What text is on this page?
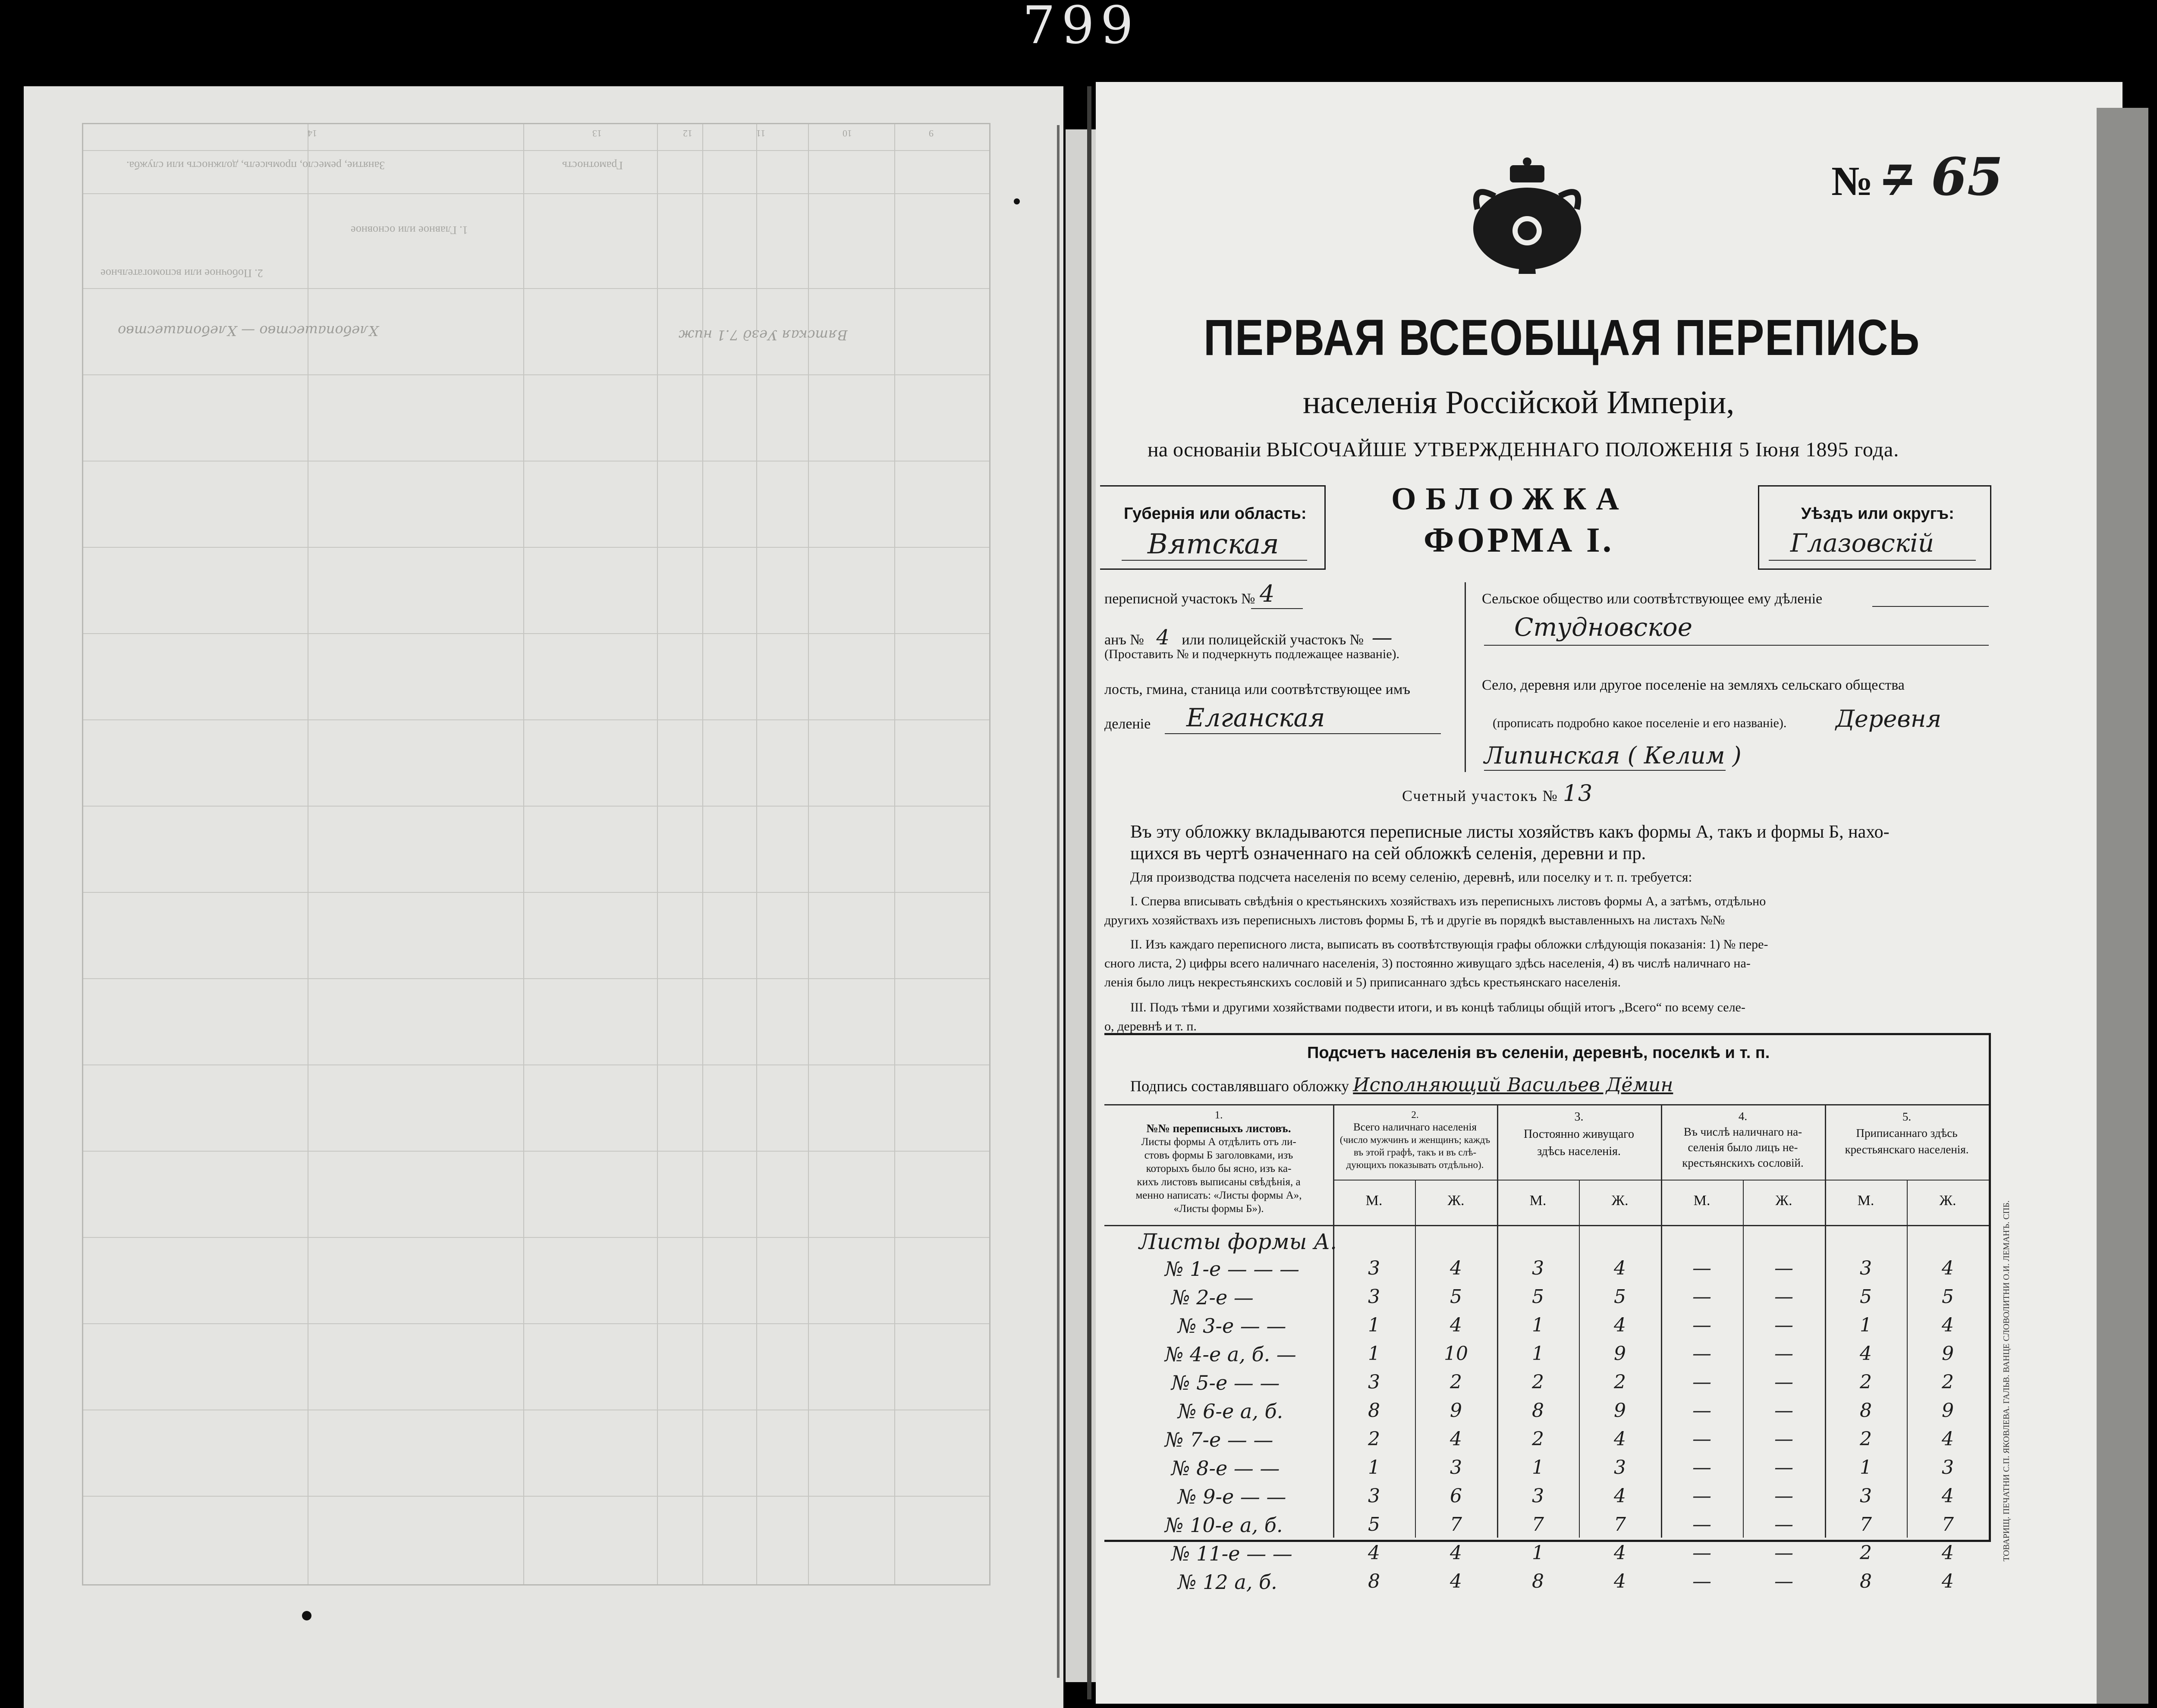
799
14	13	12	11	10	9
Занятие, ремесло, промыселъ, должность или служба.	Грамотность
1. Главное или основное
2. Побочное или вспомогательное
Хлебопашество — Хлебопашество	Вятская Уезд 7.1 ниж
№ 7 65
ПЕРВАЯ ВСЕОБЩАЯ ПЕРЕПИСЬ
населенія Россійской Имперіи,
на основаніи ВЫСОЧАЙШЕ УТВЕРЖДЕННАГО ПОЛОЖЕНІЯ 5 Іюня 1895 года.
Губернія или область:
Вятская
ОБЛОЖКА
ФОРМА I.
Уѣздъ или округъ:
Глазовскій
переписной участокъ № 4
анъ № 4 или полицейскій участокъ № —
(Проставить № и подчеркнуть подлежащее названіе).
лость, гмина, станица или соотвѣтствующее имъ
деленіе Елганская
Сельское общество или соотвѣтствующее ему дѣленіе
Студновское
Село, деревня или другое поселеніе на земляхъ сельскаго общества
(прописать подробно какое поселеніе и его названіе). Деревня
Липинская ( Келим )
Счетный участокъ № 13
Въ эту обложку вкладываются переписные листы хозяйствъ какъ формы А, такъ и формы Б, нахо-
щихся въ чертѣ означеннаго на сей обложкѣ селенія, деревни и пр.
Для производства подсчета населенія по всему селенію, деревнѣ, или поселку и т. п. требуется:
I. Сперва вписывать свѣдѣнія о крестьянскихъ хозяйствахъ изъ переписныхъ листовъ формы А, а затѣмъ, отдѣльно
другихъ хозяйствахъ изъ переписныхъ листовъ формы Б, тѣ и другіе въ порядкѣ выставленныхъ на листахъ №№
II. Изъ каждаго переписного листа, выписать въ соотвѣтствующія графы обложки слѣдующія показанія: 1) № пере-
сного листа, 2) цифры всего наличнаго населенія, 3) постоянно живущаго здѣсь населенія, 4) въ числѣ наличнаго на-
ленія было лицъ некрестьянскихъ сословій и 5) приписаннаго здѣсь крестьянскаго населенія.
III. Подъ тѣми и другими хозяйствами подвести итоги, и въ концѣ таблицы общій итогъ „Всего“ по всему селе-
о, деревнѣ и т. п.
Подсчетъ населенія въ селеніи, деревнѣ, поселкѣ и т. п.
Подпись составлявшаго обложку Исполняющий Васильев Дёмин
1.
№№ переписныхъ листовъ.
Листы формы А отдѣлить отъ ли-
стовъ формы Б заголовками, изъ
которыхъ было бы ясно, изъ ка-
кихъ листовъ выписаны свѣдѣнія, а
менно написать: «Листы формы А»,
«Листы формы Б»).
2.
Всего наличнаго населенія
(число мужчинъ и женщинъ; каждъ
въ этой графѣ, такъ и въ слѣ-
дующихъ показывать отдѣльно).
3.
Постоянно живущаго
здѣсь населенія.
4.
Въ числѣ наличнаго на-
селенія было лицъ не-
крестьянскихъ сословій.
5.
Приписаннаго здѣсь
крестьянскаго населенія.
М.	Ж.	М.	Ж.	М.	Ж.	М.	Ж.
Листы формы А.
№ 1-е — — —	3	4	3	4	—	—	3	4
№ 2-е —	3	5	5	5	—	—	5	5
№ 3-е — —	1	4	1	4	—	—	1	4
№ 4-е а, б. —	1	10	1	9	—	—	4	9
№ 5-е — —	3	2	2	2	—	—	2	2
№ 6-е а, б.	8	9	8	9	—	—	8	9
№ 7-е — —	2	4	2	4	—	—	2	4
№ 8-е — —	1	3	1	3	—	—	1	3
№ 9-е — —	3	6	3	4	—	—	3	4
№ 10-е а, б.	5	7	7	7	—	—	7	7
№ 11-е — —	4	4	1	4	—	—	2	4
№ 12 а, б.	8	4	8	4	—	—	8	4
ТОВАРИЩ. ПЕЧАТНИ С.П. ЯКОВЛЕВА. ГАЛЬВ. ВАНЦЕ СЛОВОЛИТНИ О.И. ЛЕМАНЪ. СПБ.
